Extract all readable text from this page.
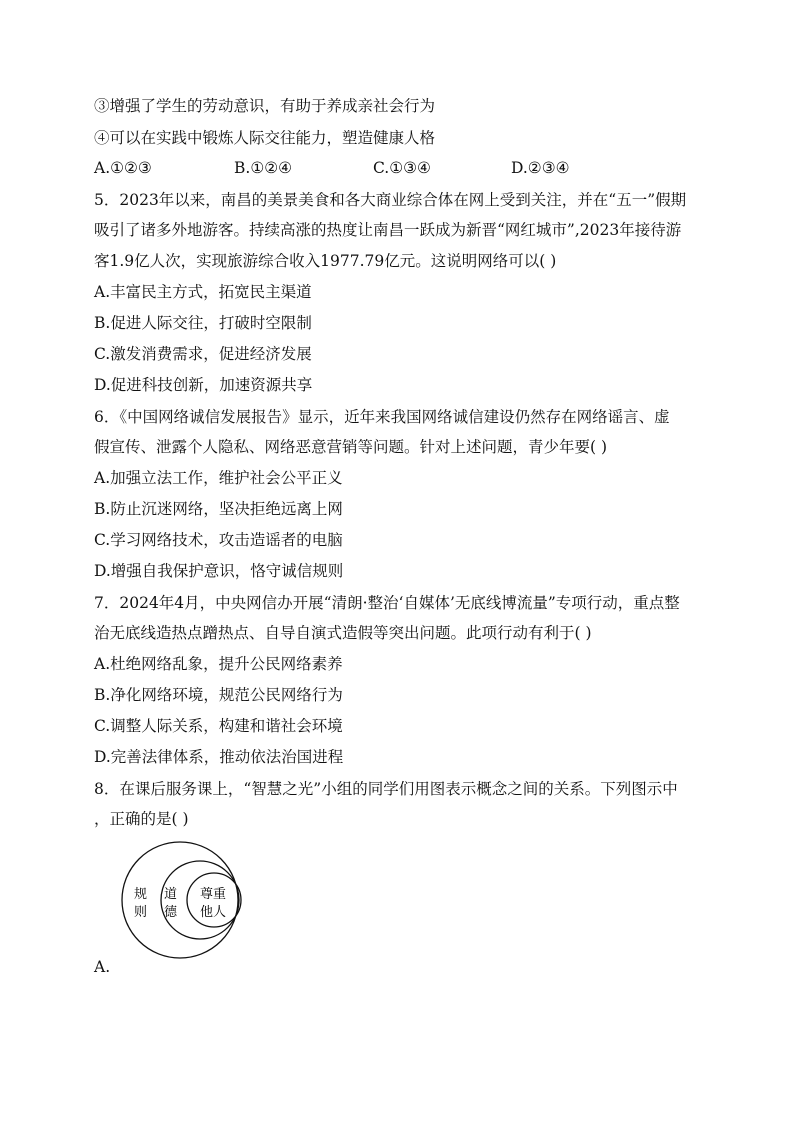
③增强了学生的劳动意识，有助于养成亲社会行为
④可以在实践中锻炼人际交往能力，塑造健康人格
A.①②③	B.①②④	C.①③④	D.②③④
5．2023年以来，南昌的美景美食和各大商业综合体在网上受到关注，并在“五一”假期
吸引了诸多外地游客。持续高涨的热度让南昌一跃成为新晋“网红城市”,2023年接待游
客1.9亿人次，实现旅游综合收入1977.79亿元。这说明网络可以( )
A.丰富民主方式，拓宽民主渠道
B.促进人际交往，打破时空限制
C.激发消费需求，促进经济发展
D.促进科技创新，加速资源共享
6．《中国网络诚信发展报告》显示，近年来我国网络诚信建设仍然存在网络谣言、虚
假宣传、泄露个人隐私、网络恶意营销等问题。针对上述问题，青少年要( )
A.加强立法工作，维护社会公平正义
B.防止沉迷网络，坚决拒绝远离上网
C.学习网络技术，攻击造谣者的电脑
D.增强自我保护意识，恪守诚信规则
7．2024年4月，中央网信办开展“清朗·整治‘自媒体’无底线博流量”专项行动，重点整
治无底线造热点蹭热点、自导自演式造假等突出问题。此项行动有利于( )
A.杜绝网络乱象，提升公民网络素养
B.净化网络环境，规范公民网络行为
C.调整人际关系，构建和谐社会环境
D.完善法律体系，推动依法治国进程
8．在课后服务课上，“智慧之光”小组的同学们用图表示概念之间的关系。下列图示中
，正确的是( )
规
则
道
德
尊重
他人
A.
